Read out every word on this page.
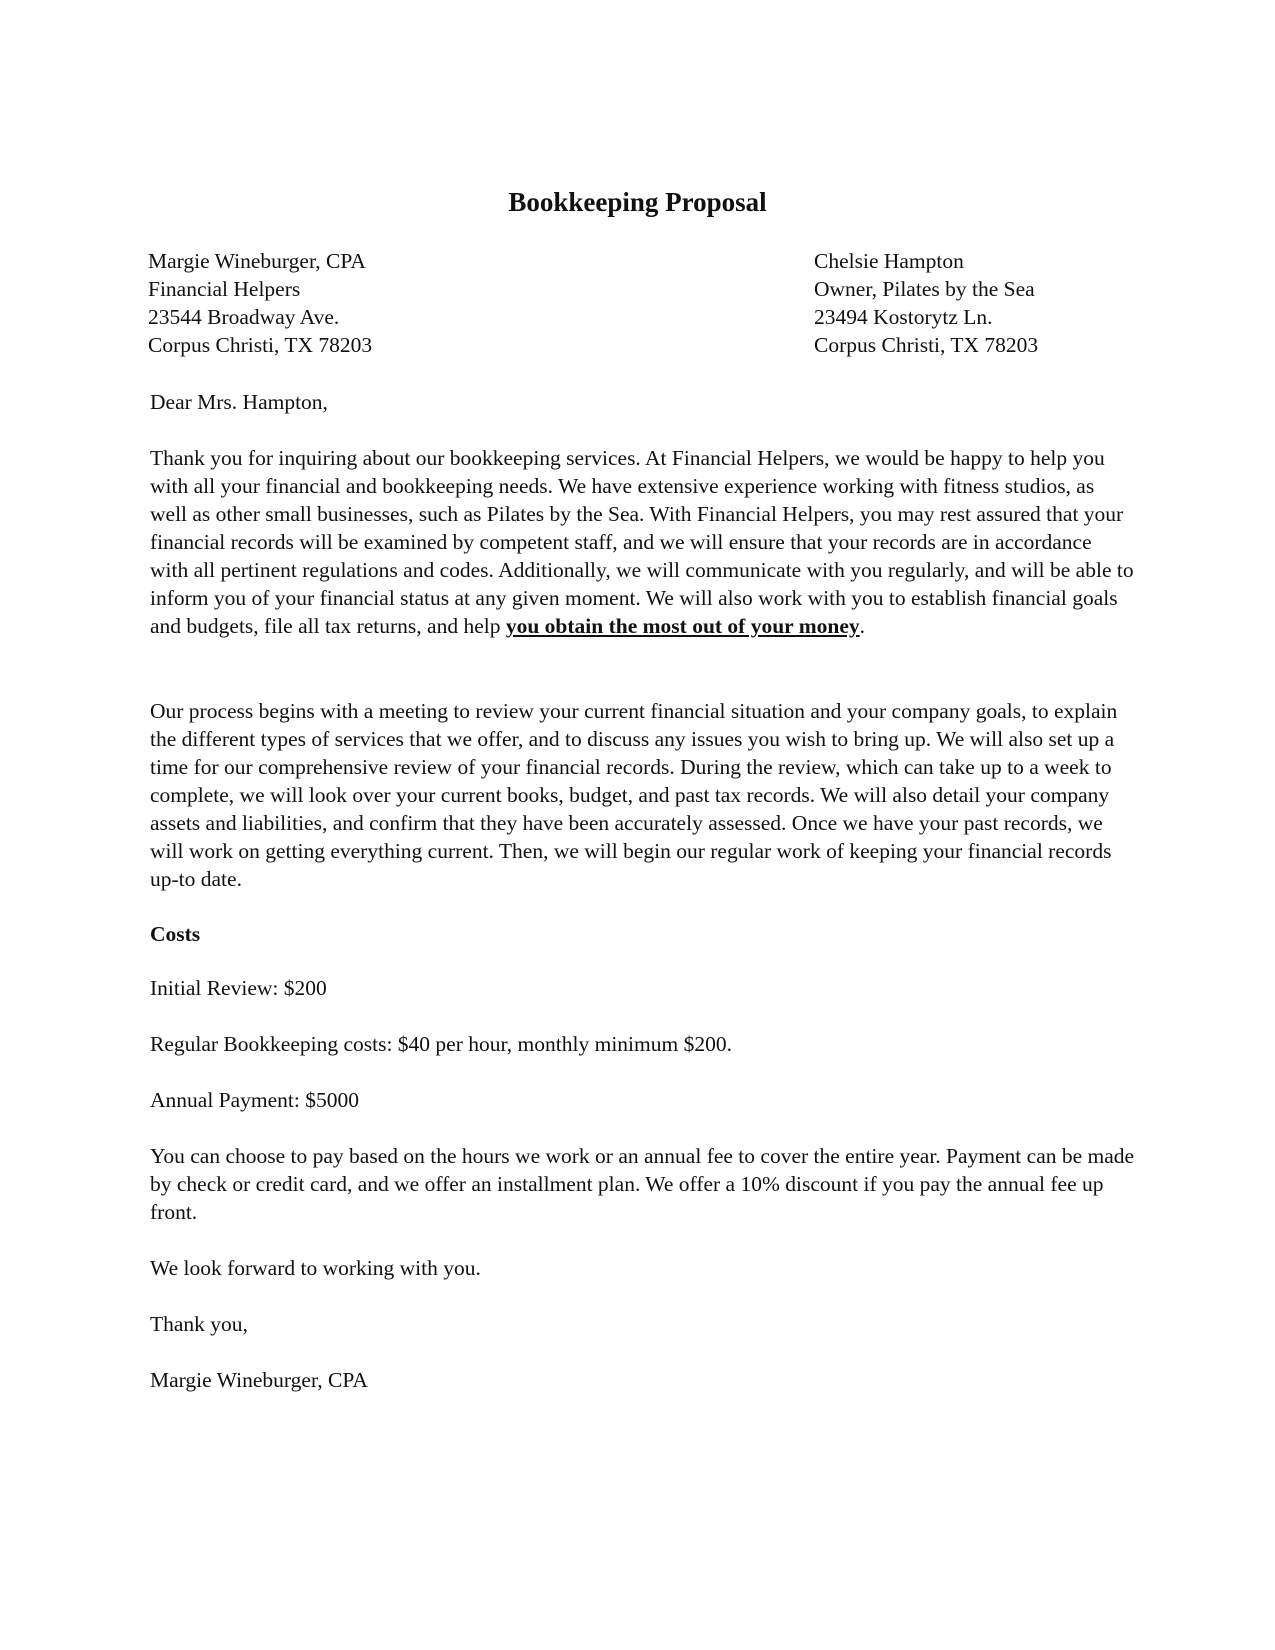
Bookkeeping Proposal
Margie Wineburger, CPA
Financial Helpers
23544 Broadway Ave.
Corpus Christi, TX 78203
Chelsie Hampton
Owner, Pilates by the Sea
23494 Kostorytz Ln.
Corpus Christi, TX 78203

Dear Mrs. Hampton,

Thank you for inquiring about our bookkeeping services. At Financial Helpers, we would be happy to help you with all your financial and bookkeeping needs. We have extensive experience working with fitness studios, as well as other small businesses, such as Pilates by the Sea. With Financial Helpers, you may rest assured that your financial records will be examined by competent staff, and we will ensure that your records are in accordance with all pertinent regulations and codes. Additionally, we will communicate with you regularly, and will be able to inform you of your financial status at any given moment. We will also work with you to establish financial goals and budgets, file all tax returns, and help you obtain the most out of your money.

Our process begins with a meeting to review your current financial situation and your company goals, to explain the different types of services that we offer, and to discuss any issues you wish to bring up. We will also set up a time for our comprehensive review of your financial records. During the review, which can take up to a week to complete, we will look over your current books, budget, and past tax records. We will also detail your company assets and liabilities, and confirm that they have been accurately assessed. Once we have your past records, we will work on getting everything current. Then, we will begin our regular work of keeping your financial records up-to date.

Costs

Initial Review: $200

Regular Bookkeeping costs: $40 per hour, monthly minimum $200.

Annual Payment: $5000

You can choose to pay based on the hours we work or an annual fee to cover the entire year. Payment can be made by check or credit card, and we offer an installment plan. We offer a 10% discount if you pay the annual fee up front.

We look forward to working with you.

Thank you,

Margie Wineburger, CPA
